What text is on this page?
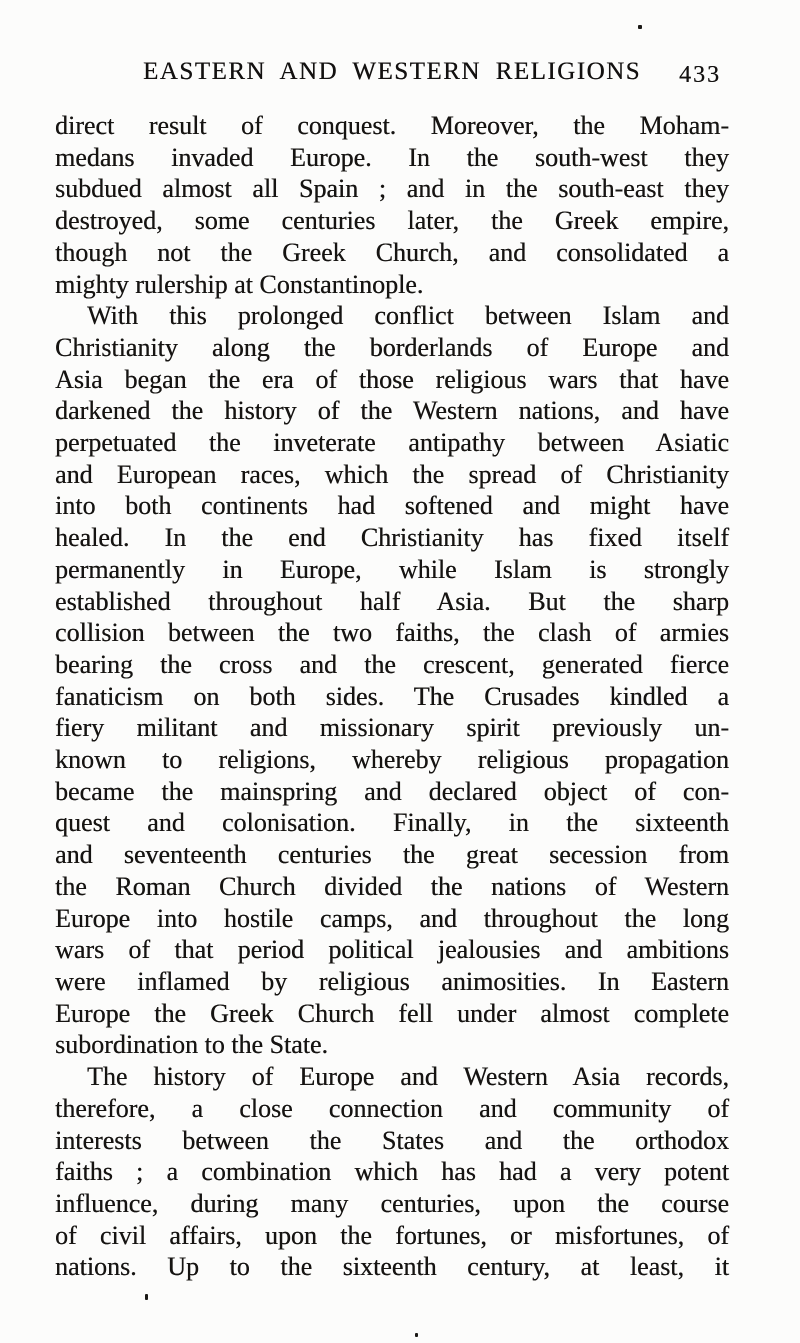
EASTERN AND WESTERN RELIGIONS	433
direct result of conquest. Moreover, the Moham-
medans invaded Europe. In the south-west they
subdued almost all Spain ; and in the south-east they
destroyed, some centuries later, the Greek empire,
though not the Greek Church, and consolidated a
mighty rulership at Constantinople.
With this prolonged conflict between Islam and
Christianity along the borderlands of Europe and
Asia began the era of those religious wars that have
darkened the history of the Western nations, and have
perpetuated the inveterate antipathy between Asiatic
and European races, which the spread of Christianity
into both continents had softened and might have
healed. In the end Christianity has fixed itself
permanently in Europe, while Islam is strongly
established throughout half Asia. But the sharp
collision between the two faiths, the clash of armies
bearing the cross and the crescent, generated fierce
fanaticism on both sides. The Crusades kindled a
fiery militant and missionary spirit previously un-
known to religions, whereby religious propagation
became the mainspring and declared object of con-
quest and colonisation. Finally, in the sixteenth
and seventeenth centuries the great secession from
the Roman Church divided the nations of Western
Europe into hostile camps, and throughout the long
wars of that period political jealousies and ambitions
were inflamed by religious animosities. In Eastern
Europe the Greek Church fell under almost complete
subordination to the State.
The history of Europe and Western Asia records,
therefore, a close connection and community of
interests between the States and the orthodox
faiths ; a combination which has had a very potent
influence, during many centuries, upon the course
of civil affairs, upon the fortunes, or misfortunes, of
nations. Up to the sixteenth century, at least, it
